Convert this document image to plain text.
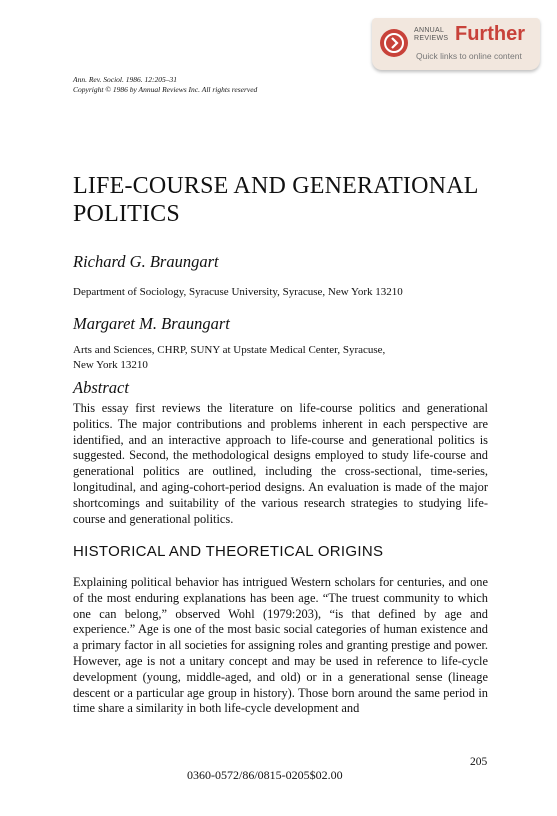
ANNUAL
REVIEWS Further
Quick links to online content
Ann. Rev. Sociol. 1986. 12:205–31
Copyright © 1986 by Annual Reviews Inc. All rights reserved
LIFE-COURSE AND GENERATIONAL
POLITICS
Richard G. Braungart
Department of Sociology, Syracuse University, Syracuse, New York 13210
Margaret M. Braungart
Arts and Sciences, CHRP, SUNY at Upstate Medical Center, Syracuse,
New York 13210
Abstract
This essay first reviews the literature on life-course politics and generational politics. The major contributions and problems inherent in each perspective are identified, and an interactive approach to life-course and generational politics is suggested. Second, the methodological designs employed to study life-course and generational politics are outlined, including the cross-sectional, time-series, longitudinal, and aging-cohort-period designs. An evaluation is made of the major shortcomings and suitability of the various research strategies to studying life-course and generational politics.
HISTORICAL AND THEORETICAL ORIGINS
Explaining political behavior has intrigued Western scholars for centuries, and one of the most enduring explanations has been age. “The truest community to which one can belong,” observed Wohl (1979:203), “is that defined by age and experience.” Age is one of the most basic social categories of human existence and a primary factor in all societies for assigning roles and granting prestige and power. However, age is not a unitary concept and may be used in reference to life-cycle development (young, middle-aged, and old) or in a generational sense (lineage descent or a particular age group in history). Those born around the same period in time share a similarity in both life-cycle development and
205
0360-0572/86/0815-0205$02.00
